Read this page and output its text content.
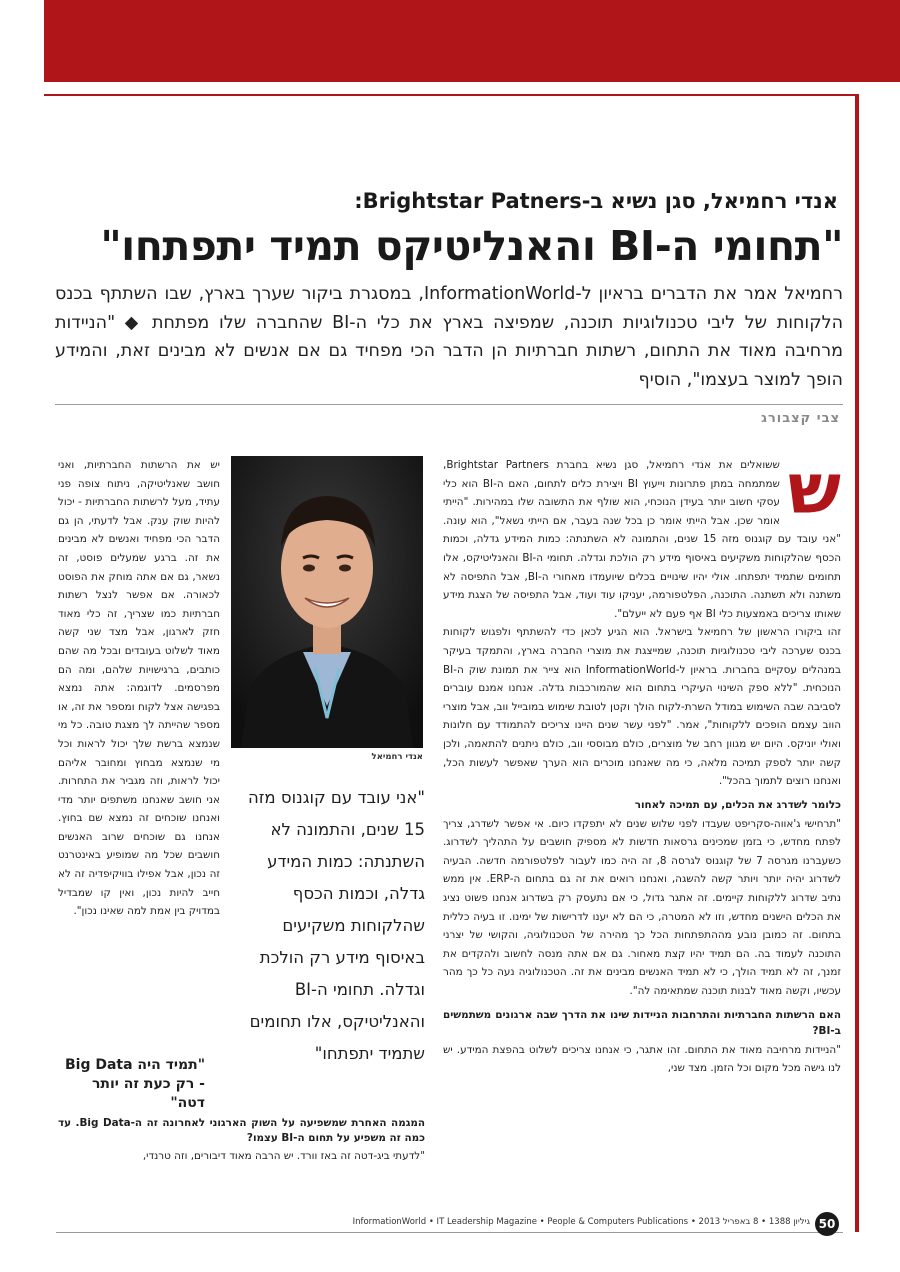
BI
אנדי רחמיאל, סגן נשיא ב-Brightstar Patners:
"תחומי ה-BI והאנליטיקס תמיד יתפתחו"
רחמיאל אמר את הדברים בראיון ל-InformationWorld, במסגרת ביקור שערך בארץ, שבו השתתף בכנס הלקוחות של ליבי טכנולוגיות תוכנה, שמפיצה בארץ את כלי ה-BI שהחברה שלו מפתחת ◆ "הניידות מרחיבה מאוד את התחום, רשתות חברתיות הן הדבר הכי מפחיד גם אם אנשים לא מבינים זאת, והמידע הופך למוצר בעצמו", הוסיף
צבי קצבורג
ש

ששואלים את אנדי רחמיאל, סגן נשיא בחברת Brightstar Partners, שמתמחה במתן פתרונות וייעוץ BI ויצירת כלים לתחום, האם ה-BI הוא כלי עסקי חשוב יותר בעידן הנוכחי, הוא שולף את התשובה שלו במהירות. "הייתי אומר שכן. אבל הייתי אומר כן בכל שנה בעבר, אם הייתי נשאל", הוא עונה. "אני עובד עם קוגנוס מזה 15 שנים, והתמונה לא השתנתה: כמות המידע גדלה, וכמות הכסף שהלקוחות משקיעים באיסוף מידע רק הולכת וגדלה. תחומי ה-BI והאנליטיקס, אלו תחומים שתמיד יתפתחו. אולי יהיו שינויים בכלים שיועמדו מאחורי ה-BI, אבל התפיסה לא משתנה ולא תשתנה. התוכנה, הפלטפורמה, יעניקו עוד ועוד, אבל התפיסה של הצגת מידע שאותו צריכים באמצעות כלי BI אף פעם לא ייעלם".

זהו ביקורו הראשון של רחמיאל בישראל. הוא הגיע לכאן כדי להשתתף ולפגוש לקוחות בכנס שערכה ליבי טכנולוגיות תוכנה, שמייצגת את מוצרי החברה בארץ, והתמקד בעיקר במנהלים עסקיים בחברות. בראיון ל-InformationWorld הוא צייר את תמונת שוק ה-BI הנוכחית. "ללא ספק השינוי העיקרי בתחום הוא שהמורכבות גדלה. אנחנו אמנם עוברים לסביבה שבה השימוש במודל השרת-לקוח הולך וקטן לטובת שימוש במובייל ווב, אבל מוצרי הווב עצמם הופכים ללקוחות", אמר. "לפני עשר שנים היינו צריכים להתמודד עם חלונות ואולי יוניקס. היום יש מגוון רחב של מוצרים, כולם מבוססי ווב, כולם ניתנים להתאמה, ולכן קשה יותר לספק תמיכה מלאה, כי מה שאנחנו מוכרים הוא הערך שאפשר לעשות הכל, ואנחנו רוצים לתמוך בהכל".

כלומר לשדרג את הכלים, עם תמיכה לאחור

"תרחישי ג'אווה-סקריפט שעבדו לפני שלוש שנים לא יתפקדו כיום. אי אפשר לשדרג, צריך לפתח מחדש, כי בזמן שמכינים גרסאות חדשות לא מספיק חושבים על התהליך לשדרוג. כשעברנו מגרסה 7 של קוגנוס לגרסה 8, זה היה כמו לעבור לפלטפורמה חדשה. הבעיה לשדרוג יהיה יותר ויותר קשה להשגה, ואנחנו רואים את זה גם בתחום ה-ERP. אין ממש נתיב שדרוג ללקוחות קיימים. זה אתגר גדול, כי אם נתעסק רק בשדרוג אנחנו פשוט נציג את הכלים הישנים מחדש, וזו לא המטרה, כי הם לא יענו לדרישות של ימינו. זו בעיה כללית בתחום. זה כמובן נובע מההתפתחות הכל כך מהירה של הטכנולוגיה, והקושי של יצרני התוכנה לעמוד בה. הם תמיד יהיו קצת מאחור. גם אם אתה מנסה לחשוב ולהקדים את זמנך, זה לא תמיד הולך, כי לא תמיד האנשים מבינים את זה. הטכנולוגיה נעה כל כך מהר עכשיו, וקשה מאוד לבנות תוכנה שמתאימה לה".

האם הרשתות החברתיות והתרחבות הניידות שינו את הדרך שבה ארגונים משתמשים ב-BI?

"הניידות מרחיבה מאוד את התחום. זהו אתגר, כי אנחנו צריכים לשלוט בהפצת המידע. יש לנו גישה מכל מקום וכל הזמן. מצד שני,

אנדי רחמיאל
"אני עובד עם קוגנוס מזה 15 שנים, והתמונה לא השתנתה: כמות המידע גדלה, וכמות הכסף שהלקוחות משקיעים באיסוף מידע רק הולכת וגדלה. תחומי ה-BI והאנליטיקס, אלו תחומים שתמיד יתפתחו"

יש את הרשתות החברתיות, ואני חושב שאנליטיקה, ניתוח צופה פני עתיד, מעל לרשתות החברתיות - יכול להיות שוק ענק. אבל לדעתי, הן גם הדבר הכי מפחיד ואנשים לא מבינים את זה. ברגע שמעלים פוסט, זה נשאר, גם אם אתה מוחק את הפוסט לכאורה. אם אפשר לנצל רשתות חברתיות כמו שצריך, זה כלי מאוד חזק לארגון, אבל מצד שני קשה מאוד לשלוט בעובדים ובכל מה שהם כותבים, ברגישויות שלהם, ומה הם מפרסמים. לדוגמה: אתה נמצא בפגישה אצל לקוח ומספר את זה, או מספר שהייתה לך מצגת טובה. כל מי שנמצא ברשת שלך יכול לראות וכל מי שנמצא מבחוץ ומחובר אליהם יכול לראות, וזה מגביר את התחרות. אני חושב שאנחנו משתפים יותר מדי ואנחנו שוכחים זה נמצא שם בחוץ. אנחנו גם שוכחים שרוב האנשים חושבים שכל מה שמופיע באינטרנט זה נכון, אבל אפילו בוויקיפדיה זה לא חייב להיות נכון, ואין קו שמבדיל במדויק בין אמת למה שאינו נכון".

"תמיד היה Big Data - רק כעת זה יותר דטה"
המגמה האחרת שמשפיעה על השוק הארגוני לאחרונה זה ה-Big Data. עד כמה זה משפיע על תחום ה-BI עצמו?

"לדעתי ביג-דטה זה באז וורד. יש הרבה מאוד דיבורים, וזה טרנדי,

גיליון 1388 • 8 באפריל 2013 • InformationWorld • IT Leadership Magazine • People & Computers Publications 50
